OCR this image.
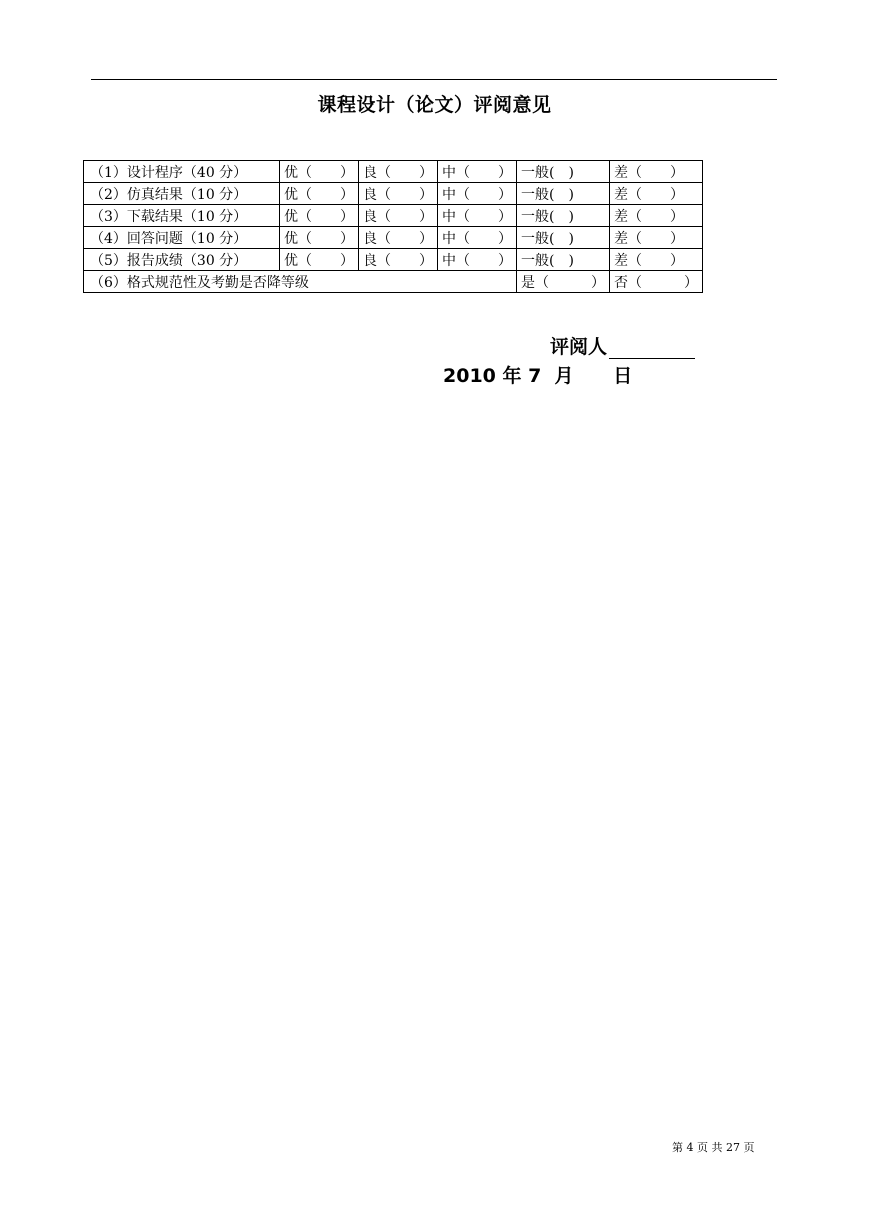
课程设计（论文）评阅意见
（1）设计程序（40 分）	优（　　）	良（　　）	中（　　）	一般(　)	差（　　）
（2）仿真结果（10 分）	优（　　）	良（　　）	中（　　）	一般(　)	差（　　）
（3）下载结果（10 分）	优（　　）	良（　　）	中（　　）	一般(　)	差（　　）
（4）回答问题（10 分）	优（　　）	良（　　）	中（　　）	一般(　)	差（　　）
（5）报告成绩（30 分）	优（　　）	良（　　）	中（　　）	一般(　)	差（　　）
（6）格式规范性及考勤是否降等级				是（　　　）	否（　　　）
评阅人
2010 年 7  月      日
第 4 页 共 27 页
